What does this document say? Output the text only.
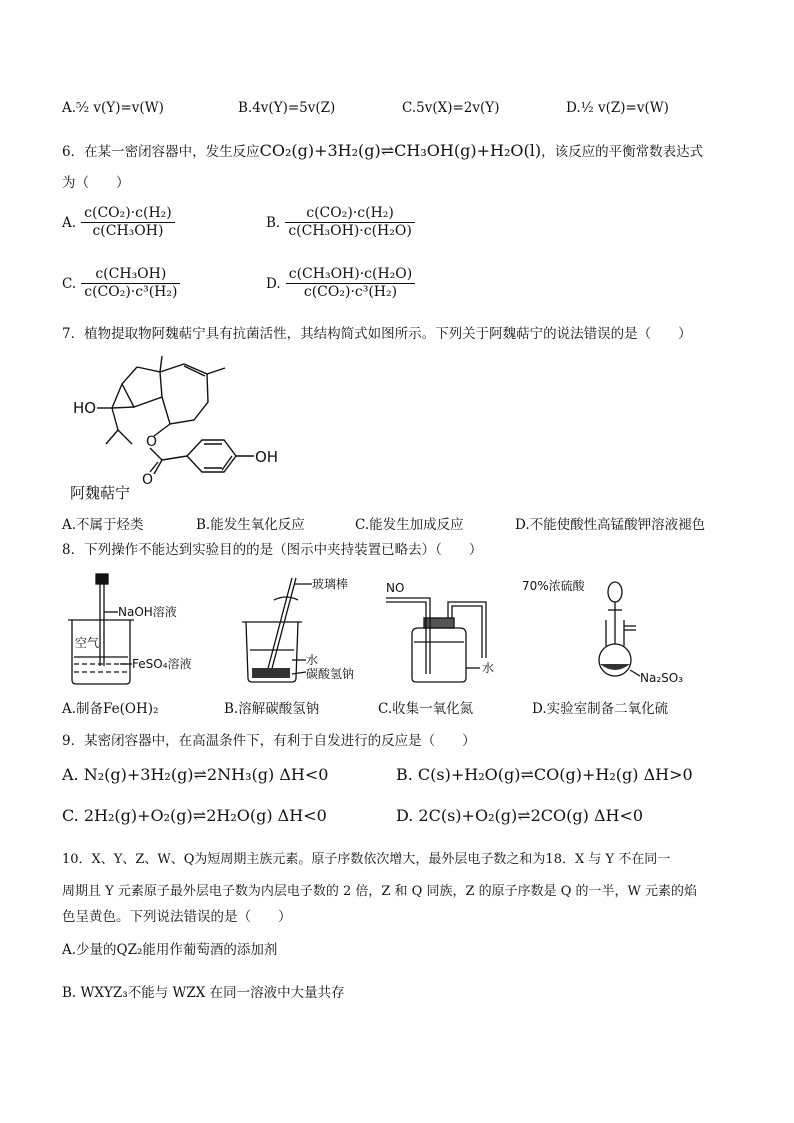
A.⁵⁄₂ v(Y)=v(W)	B.4v(Y)=5v(Z)	C.5v(X)=2v(Y)	D.¹⁄₂ v(Z)=v(W)
6．在某一密闭容器中，发生反应CO₂(g)+3H₂(g)⇌CH₃OH(g)+H₂O(l)，该反应的平衡常数表达式
为（　　）
A. $\frac{\text{c(CO₂)·c(H₂)}}{\text{c(CH₃OH)}}$	B. $\frac{\text{c(CO₂)·c(H₂)}}{\text{c(CH₃OH)·c(H₂O)}}$
C. $\frac{\text{c(CH₃OH)}}{\text{c(CO₂)·c³(H₂)}}$	D. $\frac{\text{c(CH₃OH)·c(H₂O)}}{\text{c(CO₂)·c³(H₂)}}$
7．植物提取物阿魏萜宁具有抗菌活性，其结构简式如图所示。下列关于阿魏萜宁的说法错误的是（　　）
HO
O
O
OH
阿魏萜宁
A.不属于烃类	B.能发生氧化反应	C.能发生加成反应	D.不能使酸性高锰酸钾溶液褪色
8．下列操作不能达到实验目的的是（图示中夹持装置已略去）（　　）
NaOH溶液
空气
FeSO₄溶液
玻璃棒
水
碳酸氢钠
NO
水
70%浓硫酸
Na₂SO₃
A.制备Fe(OH)₂	B.溶解碳酸氢钠	C.收集一氧化氮	D.实验室制备二氧化硫
9．某密闭容器中，在高温条件下，有利于自发进行的反应是（　　）
A. N₂(g)+3H₂(g)⇌2NH₃(g) ΔH<0	B. C(s)+H₂O(g)⇌CO(g)+H₂(g) ΔH>0
C. 2H₂(g)+O₂(g)⇌2H₂O(g) ΔH<0	D. 2C(s)+O₂(g)⇌2CO(g) ΔH<0
10．X、Y、Z、W、Q为短周期主族元素。原子序数依次增大，最外层电子数之和为18．X 与 Y 不在同一
周期且 Y 元素原子最外层电子数为内层电子数的 2 倍，Z 和 Q 同族，Z 的原子序数是 Q 的一半，W 元素的焰
色呈黄色。下列说法错误的是（　　）
A.少量的QZ₂能用作葡萄酒的添加剂
B. WXYZ₃不能与 WZX 在同一溶液中大量共存
